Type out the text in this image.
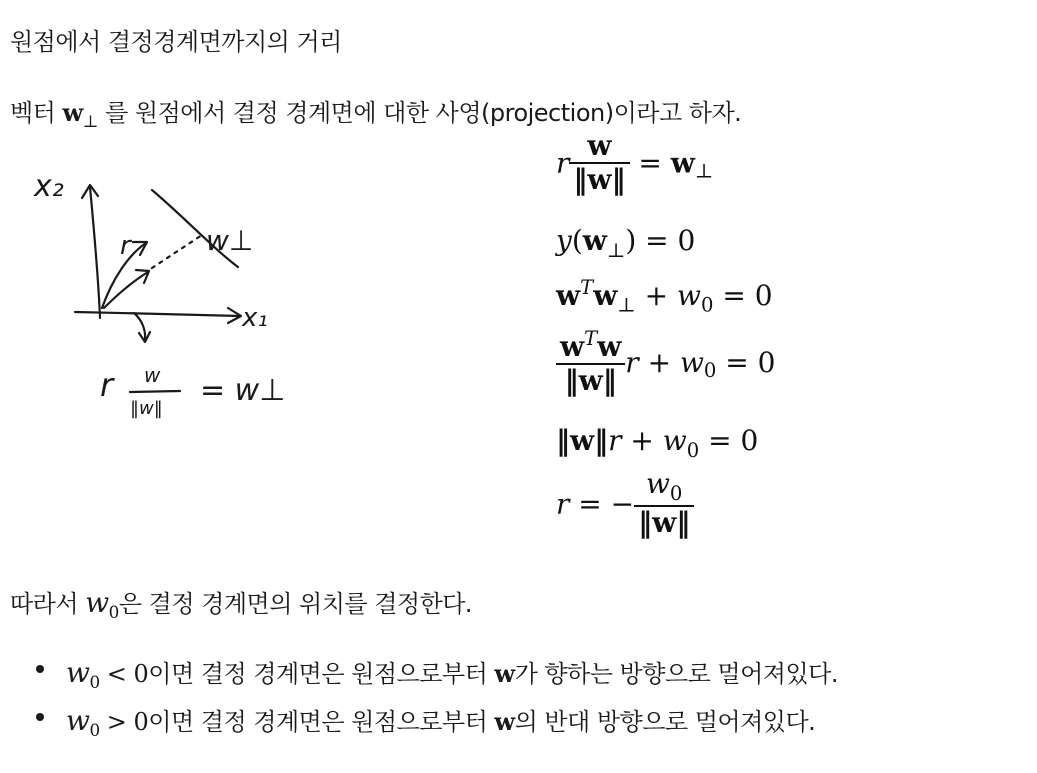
원점에서 결정경계면까지의 거리
벡터 $w_\perp$ 를 원점에서 결정 경계면에 대한 사영(projection)이라고 하자.
x₂
x₁
r	w⊥
r w
‖w‖
= w⊥
r $\frac{w}{‖w‖} = w_\perp$
$y(w_\perp) = 0$
$w^Tw_\perp + w_0 = 0$
$\frac{w^Tw}{‖w‖}$ $r + w_0 = 0$
‖w‖r + $w_0 = 0$
r = − $\frac{w_0}{‖w‖}$
따라서 $w_0$은 결정 경계면의 위치를 결정한다.
$w_0 < 0$이면 결정 경계면은 원점으로부터 w가 향하는 방향으로 멀어져있다.
$w_0 > 0$이면 결정 경계면은 원점으로부터 w의 반대 방향으로 멀어져있다.
